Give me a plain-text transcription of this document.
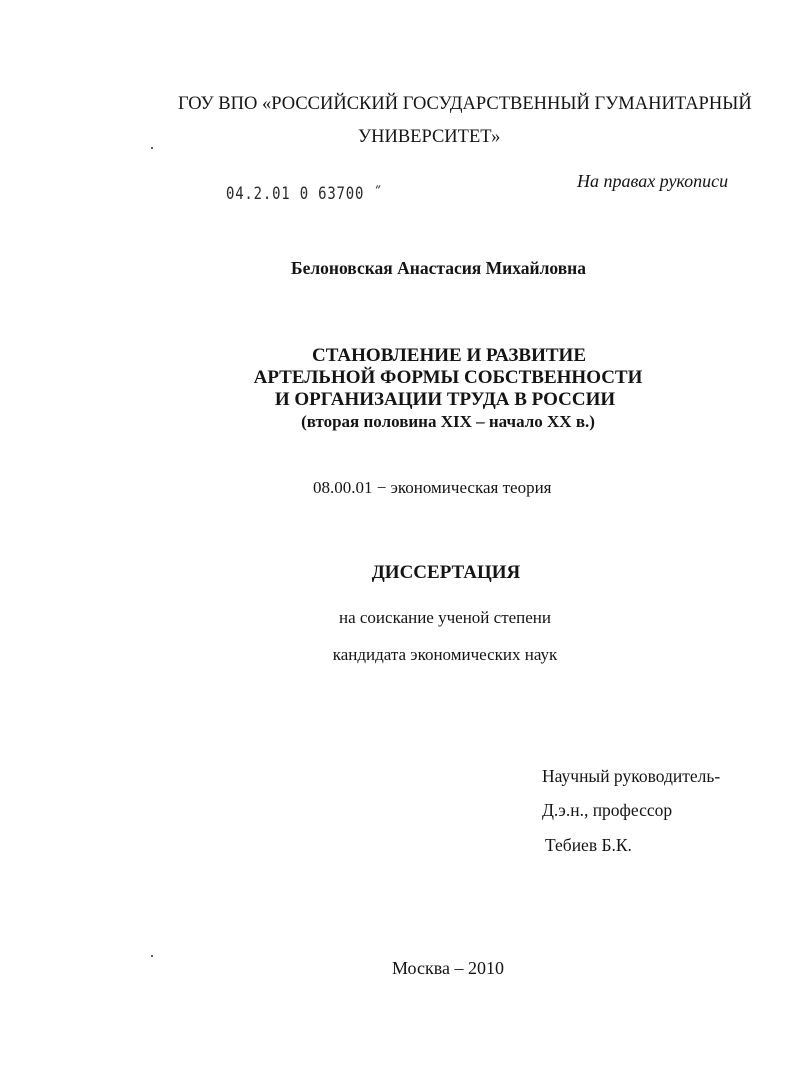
ГОУ ВПО «РОССИЙСКИЙ ГОСУДАРСТВЕННЫЙ ГУМАНИТАРНЫЙ
УНИВЕРСИТЕТ»
На правах рукописи
04.2.01 0 63700 ˝
Белоновская Анастасия Михайловна
СТАНОВЛЕНИЕ И РАЗВИТИЕ
АРТЕЛЬНОЙ ФОРМЫ СОБСТВЕННОСТИ
И ОРГАНИЗАЦИИ ТРУДА В РОССИИ
(вторая половина XIX – начало XX в.)
08.00.01 − экономическая теория
ДИССЕРТАЦИЯ
на соискание ученой степени
кандидата экономических наук
Научный руководитель-
Д.э.н., профессор
Тебиев Б.К.
Москва – 2010
